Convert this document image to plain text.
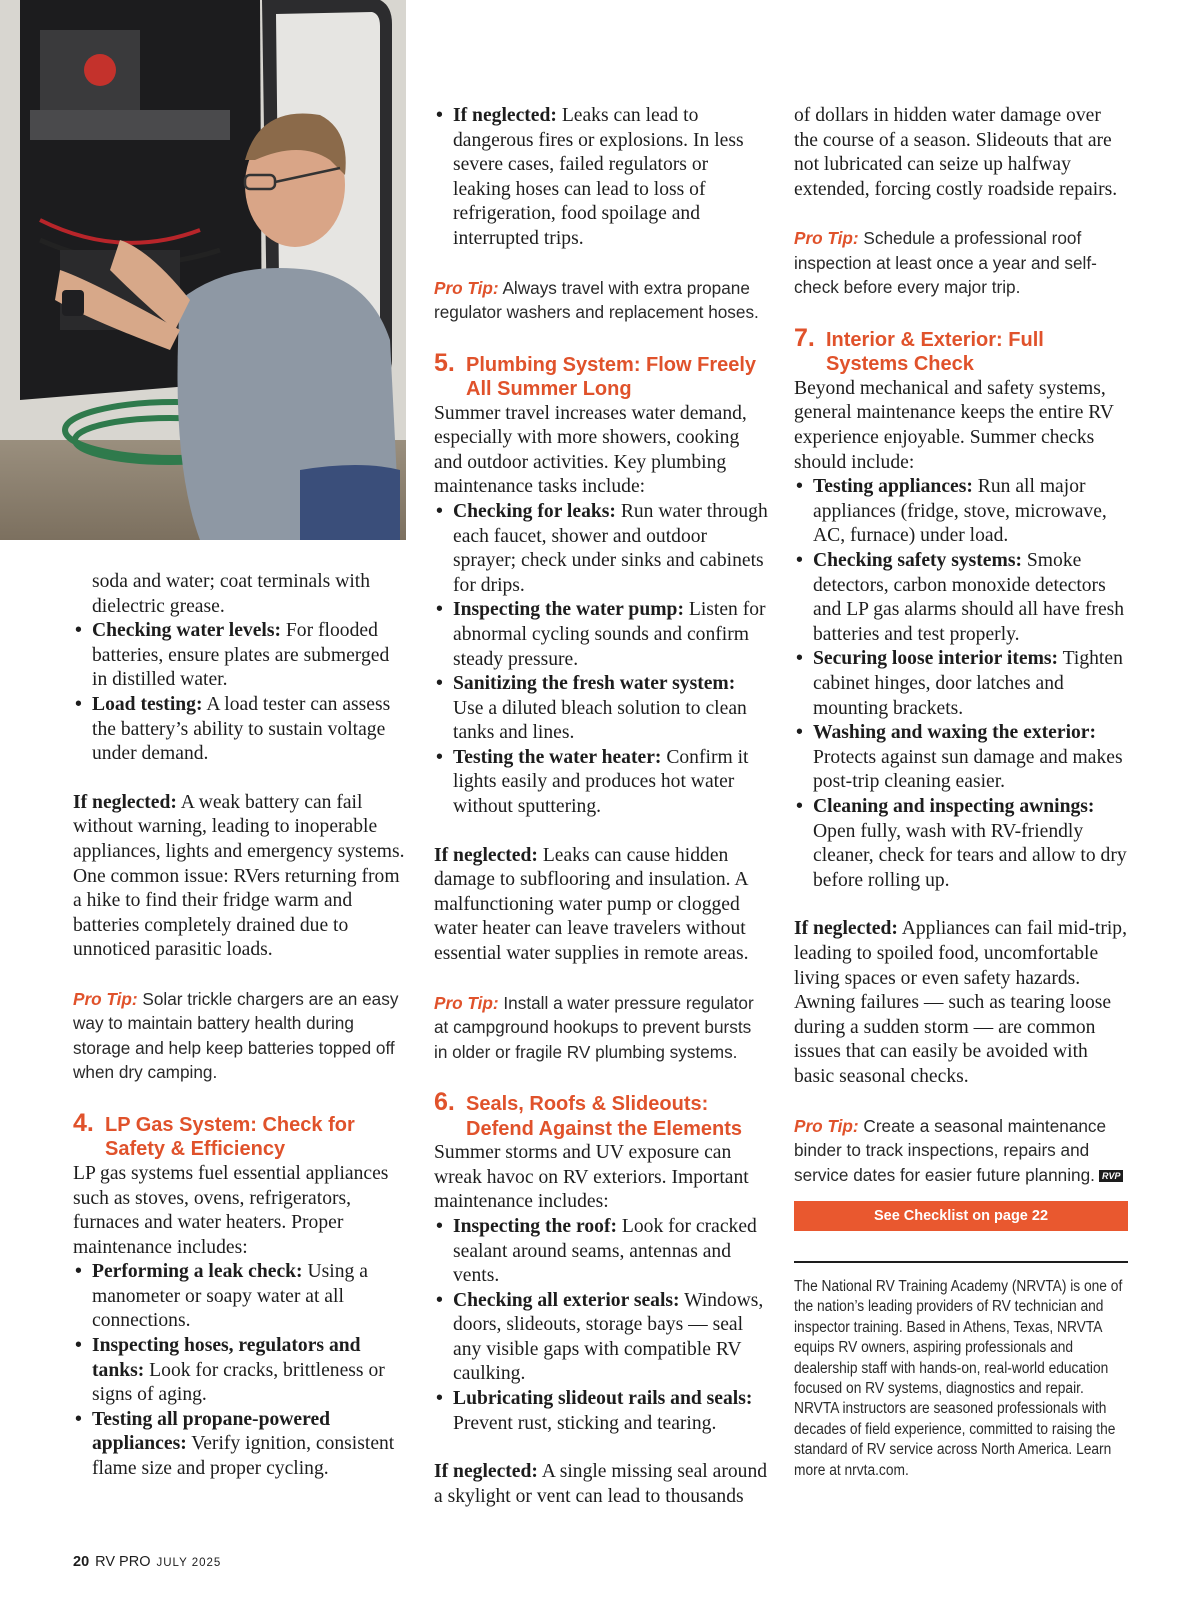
soda and water; coat terminals with dielectric grease.
• Checking water levels: For flooded batteries, ensure plates are submerged in distilled water.
• Load testing: A load tester can assess the battery’s ability to sustain voltage under demand.

If neglected: A weak battery can fail without warning, leading to inoperable appliances, lights and emergency systems. One common issue: RVers returning from a hike to find their fridge warm and batteries completely drained due to unnoticed parasitic loads.

Pro Tip: Solar trickle chargers are an easy way to maintain battery health during storage and help keep batteries topped off when dry camping.

4. LP Gas System: Check for Safety & Efficiency

LP gas systems fuel essential appliances such as stoves, ovens, refrigerators, furnaces and water heaters. Proper maintenance includes:

• Performing a leak check: Using a manometer or soapy water at all connections.
• Inspecting hoses, regulators and tanks: Look for cracks, brittleness or signs of aging.
• Testing all propane-powered appliances: Verify ignition, consistent flame size and proper cycling.
• If neglected: Leaks can lead to dangerous fires or explosions. In less severe cases, failed regulators or leaking hoses can lead to loss of refrigeration, food spoilage and interrupted trips.

Pro Tip: Always travel with extra propane regulator washers and replacement hoses.

5. Plumbing System: Flow Freely All Summer Long

Summer travel increases water demand, especially with more showers, cooking and outdoor activities. Key plumbing maintenance tasks include:

• Checking for leaks: Run water through each faucet, shower and outdoor sprayer; check under sinks and cabinets for drips.
• Inspecting the water pump: Listen for abnormal cycling sounds and confirm steady pressure.
• Sanitizing the fresh water system: Use a diluted bleach solution to clean tanks and lines.
• Testing the water heater: Confirm it lights easily and produces hot water without sputtering.

If neglected: Leaks can cause hidden damage to subflooring and insulation. A malfunctioning water pump or clogged water heater can leave travelers without essential water supplies in remote areas.

Pro Tip: Install a water pressure regulator at campground hookups to prevent bursts in older or fragile RV plumbing systems.

6. Seals, Roofs & Slideouts: Defend Against the Elements

Summer storms and UV exposure can wreak havoc on RV exteriors. Important maintenance includes:

• Inspecting the roof: Look for cracked sealant around seams, antennas and vents.
• Checking all exterior seals: Windows, doors, slideouts, storage bays — seal any visible gaps with compatible RV caulking.
• Lubricating slideout rails and seals: Prevent rust, sticking and tearing.

If neglected: A single missing seal around a skylight or vent can lead to thousands

of dollars in hidden water damage over the course of a season. Slideouts that are not lubricated can seize up halfway extended, forcing costly roadside repairs.

Pro Tip: Schedule a professional roof inspection at least once a year and self-check before every major trip.

7. Interior & Exterior: Full Systems Check

Beyond mechanical and safety systems, general maintenance keeps the entire RV experience enjoyable. Summer checks should include:

• Testing appliances: Run all major appliances (fridge, stove, microwave, AC, furnace) under load.
• Checking safety systems: Smoke detectors, carbon monoxide detectors and LP gas alarms should all have fresh batteries and test properly.
• Securing loose interior items: Tighten cabinet hinges, door latches and mounting brackets.
• Washing and waxing the exterior: Protects against sun damage and makes post-trip cleaning easier.
• Cleaning and inspecting awnings: Open fully, wash with RV-friendly cleaner, check for tears and allow to dry before rolling up.

If neglected: Appliances can fail mid-trip, leading to spoiled food, uncomfortable living spaces or even safety hazards. Awning failures — such as tearing loose during a sudden storm — are common issues that can easily be avoided with basic seasonal checks.

Pro Tip: Create a seasonal maintenance binder to track inspections, repairs and service dates for easier future planning. RVP

See Checklist on page 22

The National RV Training Academy (NRVTA) is one of the nation’s leading providers of RV technician and inspector training. Based in Athens, Texas, NRVTA equips RV owners, aspiring professionals and dealership staff with hands-on, real-world education focused on RV systems, diagnostics and repair. NRVTA instructors are seasoned professionals with decades of field experience, committed to raising the standard of RV service across North America. Learn more at nrvta.com.

20 RV PRO JULY 2025
